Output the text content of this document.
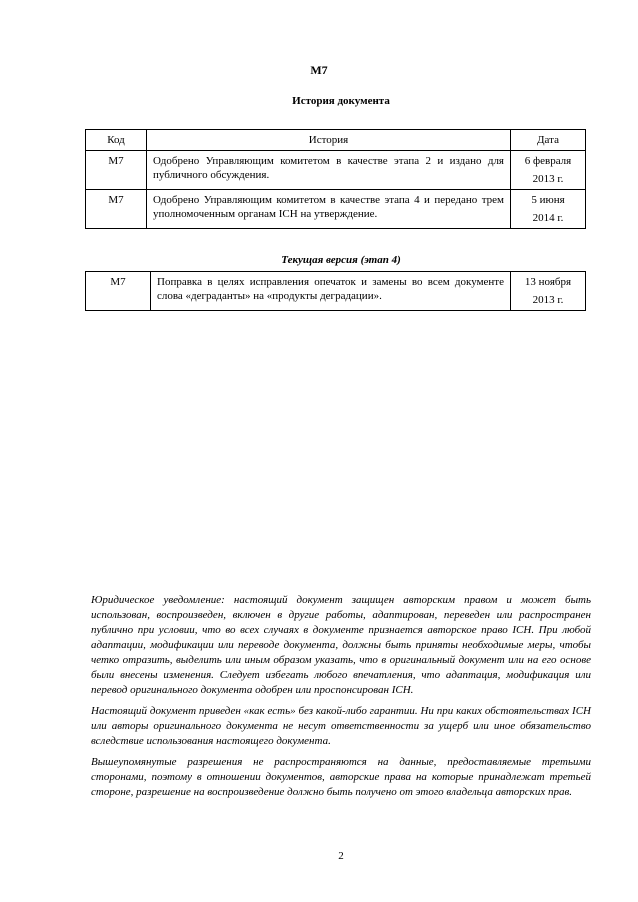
M7
История документа
Код	История	Дата
M7	Одобрено Управляющим комитетом в качестве этапа 2 и издано для публичного обсуждения.	6 февраля
2013 г.

M7	Одобрено Управляющим комитетом в качестве этапа 4 и передано трем уполномоченным органам ICH на утверждение.	5 июня
2014 г.
Текущая версия (этап 4)
M7	Поправка в целях исправления опечаток и замены во всем документе слова «деграданты» на «продукты деградации».	13 ноября
2013 г.

Юридическое уведомление: настоящий документ защищен авторским правом и может быть использован, воспроизведен, включен в другие работы, адаптирован, переведен или распространен публично при условии, что во всех случаях в документе признается авторское право ICH. При любой адаптации, модификации или переводе документа, должны быть приняты необходимые меры, чтобы четко отразить, выделить или иным образом указать, что в оригинальный документ или на его основе были внесены изменения. Следует избегать любого впечатления, что адаптация, модификация или перевод оригинального документа одобрен или проспонсирован ICH.

Настоящий документ приведен «как есть» без какой-либо гарантии. Ни при каких обстоятельствах ICH или авторы оригинального документа не несут ответственности за ущерб или иное обязательство вследствие использования настоящего документа.

Вышеупомянутые разрешения не распространяются на данные, предоставляемые третьими сторонами, поэтому в отношении документов, авторские права на которые принадлежат третьей стороне, разрешение на воспроизведение должно быть получено от этого владельца авторских прав.

2
